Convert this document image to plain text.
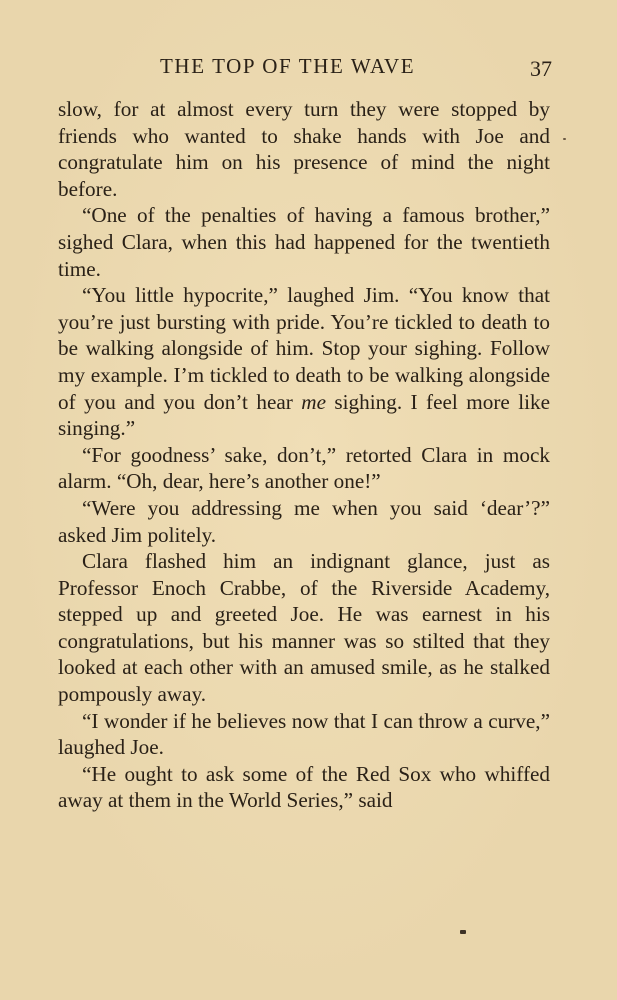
THE TOP OF THE WAVE	37

slow, for at almost every turn they were stopped by friends who wanted to shake hands with Joe and congratulate him on his presence of mind the night before.

“One of the penalties of having a famous brother,” sighed Clara, when this had happened for the twentieth time.

“You little hypocrite,” laughed Jim. “You know that you’re just bursting with pride. You’re tickled to death to be walking alongside of him. Stop your sighing. Follow my example. I’m tickled to death to be walking alongside of you and you don’t hear me sighing. I feel more like singing.”

“For goodness’ sake, don’t,” retorted Clara in mock alarm. “Oh, dear, here’s another one!”

“Were you addressing me when you said ‘dear’?” asked Jim politely.

Clara flashed him an indignant glance, just as Professor Enoch Crabbe, of the Riverside Academy, stepped up and greeted Joe. He was earnest in his congratulations, but his manner was so stilted that they looked at each other with an amused smile, as he stalked pompously away.

“I wonder if he believes now that I can throw a curve,” laughed Joe.

“He ought to ask some of the Red Sox who whiffed away at them in the World Series,” said
